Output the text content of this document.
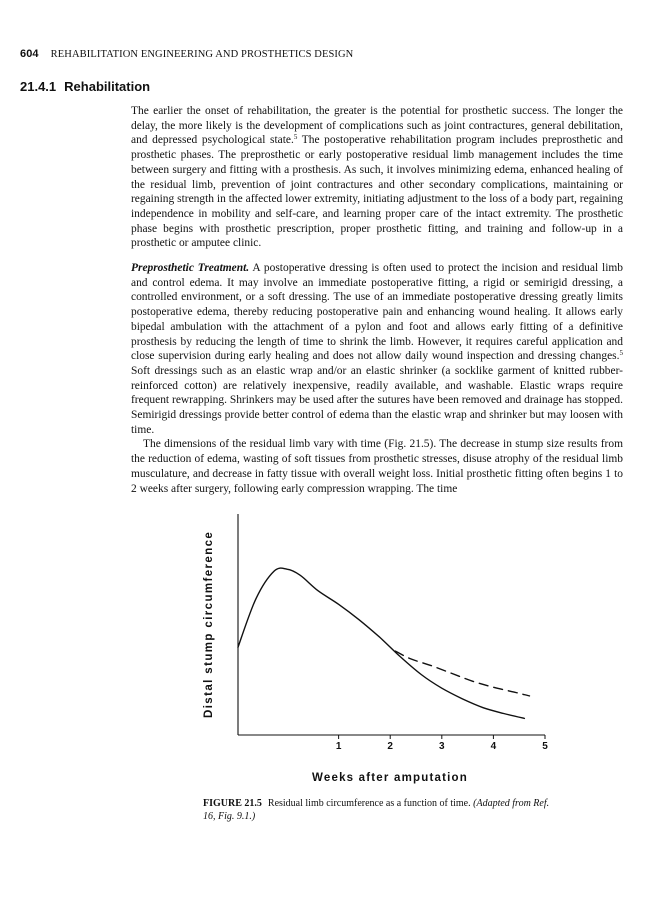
604 REHABILITATION ENGINEERING AND PROSTHETICS DESIGN
21.4.1 Rehabilitation

The earlier the onset of rehabilitation, the greater is the potential for prosthetic success. The longer the delay, the more likely is the development of complications such as joint contractures, general debilitation, and depressed psychological state.$^5$ The postoperative rehabilitation program includes preprosthetic and prosthetic phases. The preprosthetic or early postoperative residual limb management includes the time between surgery and fitting with a prosthesis. As such, it involves minimizing edema, enhanced healing of the residual limb, prevention of joint contractures and other secondary complications, maintaining or regaining strength in the affected lower extremity, initiating adjustment to the loss of a body part, regaining independence in mobility and self-care, and learning proper care of the intact extremity. The prosthetic phase begins with prosthetic prescription, proper prosthetic fitting, and training and follow-up in a prosthetic or amputee clinic.

Preprosthetic Treatment. A postoperative dressing is often used to protect the incision and residual limb and control edema. It may involve an immediate postoperative fitting, a rigid or semirigid dressing, a controlled environment, or a soft dressing. The use of an immediate postoperative dressing greatly limits postoperative edema, thereby reducing postoperative pain and enhancing wound healing. It allows early bipedal ambulation with the attachment of a pylon and foot and allows early fitting of a definitive prosthesis by reducing the length of time to shrink the limb. However, it requires careful application and close supervision during early healing and does not allow daily wound inspection and dressing changes.$^5$ Soft dressings such as an elastic wrap and/or an elastic shrinker (a socklike garment of knitted rubber-reinforced cotton) are relatively inexpensive, readily available, and washable. Elastic wraps require frequent rewrapping. Shrinkers may be used after the sutures have been removed and drainage has stopped. Semirigid dressings provide better control of edema than the elastic wrap and shrinker but may loosen with time.

The dimensions of the residual limb vary with time (Fig. 21.5). The decrease in stump size results from the reduction of edema, wasting of soft tissues from prosthetic stresses, disuse atrophy of the residual limb musculature, and decrease in fatty tissue with overall weight loss. Initial prosthetic fitting often begins 1 to 2 weeks after surgery, following early compression wrapping. The time

1	2	3	4	5
Distal stump circumference
Weeks after amputation
FIGURE 21.5 Residual limb circumference as a function of time. (Adapted from Ref. 16, Fig. 9.1.)
